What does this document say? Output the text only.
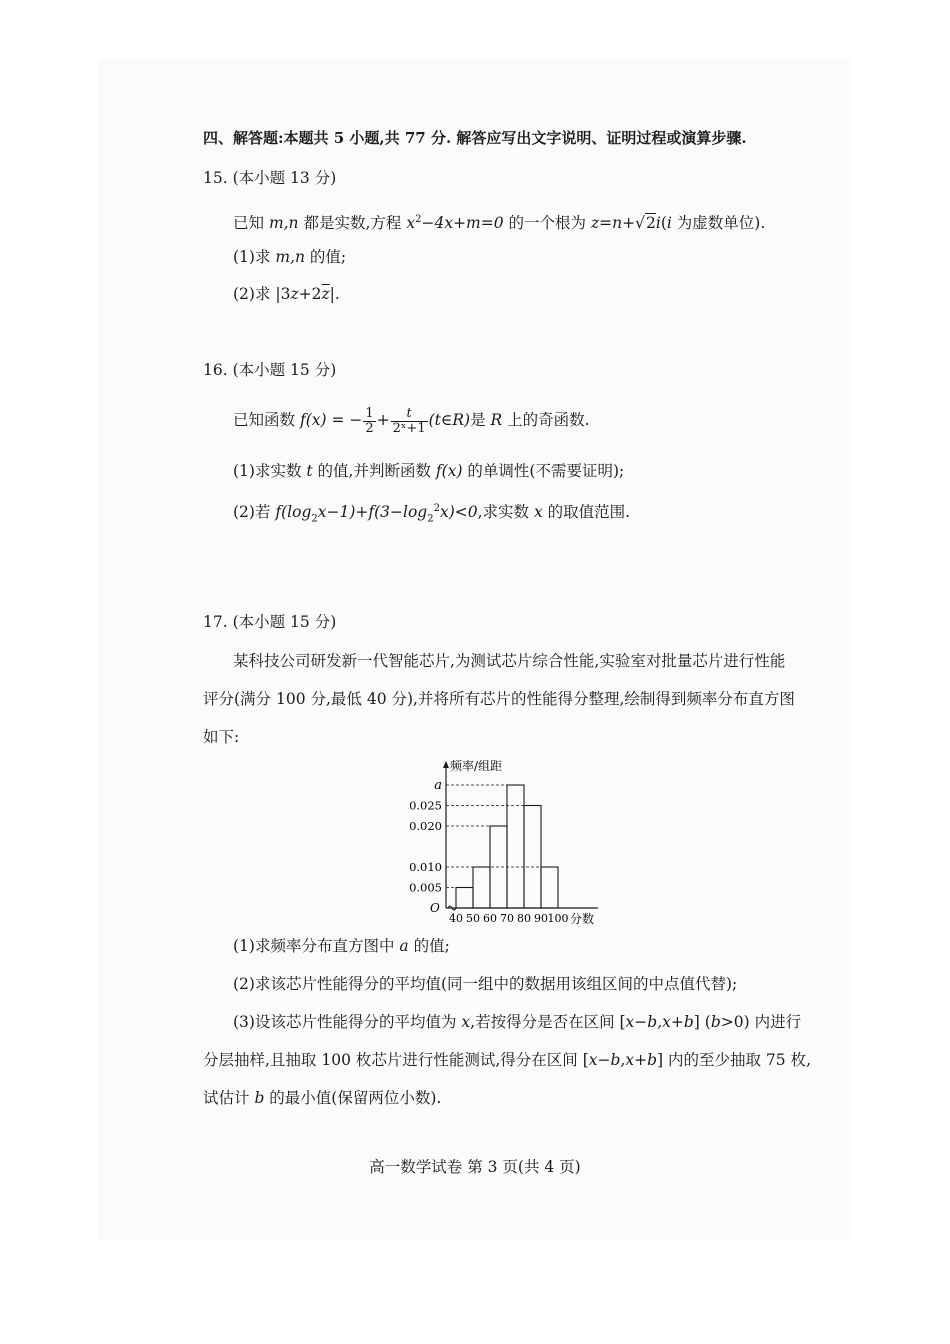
四、解答题:本题共 5 小题,共 77 分. 解答应写出文字说明、证明过程或演算步骤.
15. (本小题 13 分)
已知 m,n 都是实数,方程 $x^2-4x+m=0$ 的一个根为 z=n+√2i(i 为虚数单位).
(1)求 m,n 的值;
(2)求 $|3z+2\overline{z}|$.
16. (本小题 15 分)
已知函数 f(x) = − $\frac{1}{2} + \frac{t}{\text{2ˣ+1}}$ (t∈R)是 R 上的奇函数.
(1)求实数 t 的值,并判断函数 f(x) 的单调性(不需要证明);
(2)若 $f(\log_2x-1)+f(3-\log_2^2x)<0$,求实数 x 的取值范围.
17. (本小题 15 分)
某科技公司研发新一代智能芯片,为测试芯片综合性能,实验室对批量芯片进行性能
评分(满分 100 分,最低 40 分),并将所有芯片的性能得分整理,绘制得到频率分布直方图
如下:
频率/组距
O
a
0.025
0.020
0.010
0.005
40 50 60 70 80 90 100 分数
(1)求频率分布直方图中 a 的值;
(2)求该芯片性能得分的平均值(同一组中的数据用该组区间的中点值代替);
(3)设该芯片性能得分的平均值为 x,若按得分是否在区间 [x−b,x+b] (b>0) 内进行
分层抽样,且抽取 100 枚芯片进行性能测试,得分在区间 [x−b,x+b] 内的至少抽取 75 枚,
试估计 b 的最小值(保留两位小数).
高一数学试卷 第 3 页(共 4 页)
